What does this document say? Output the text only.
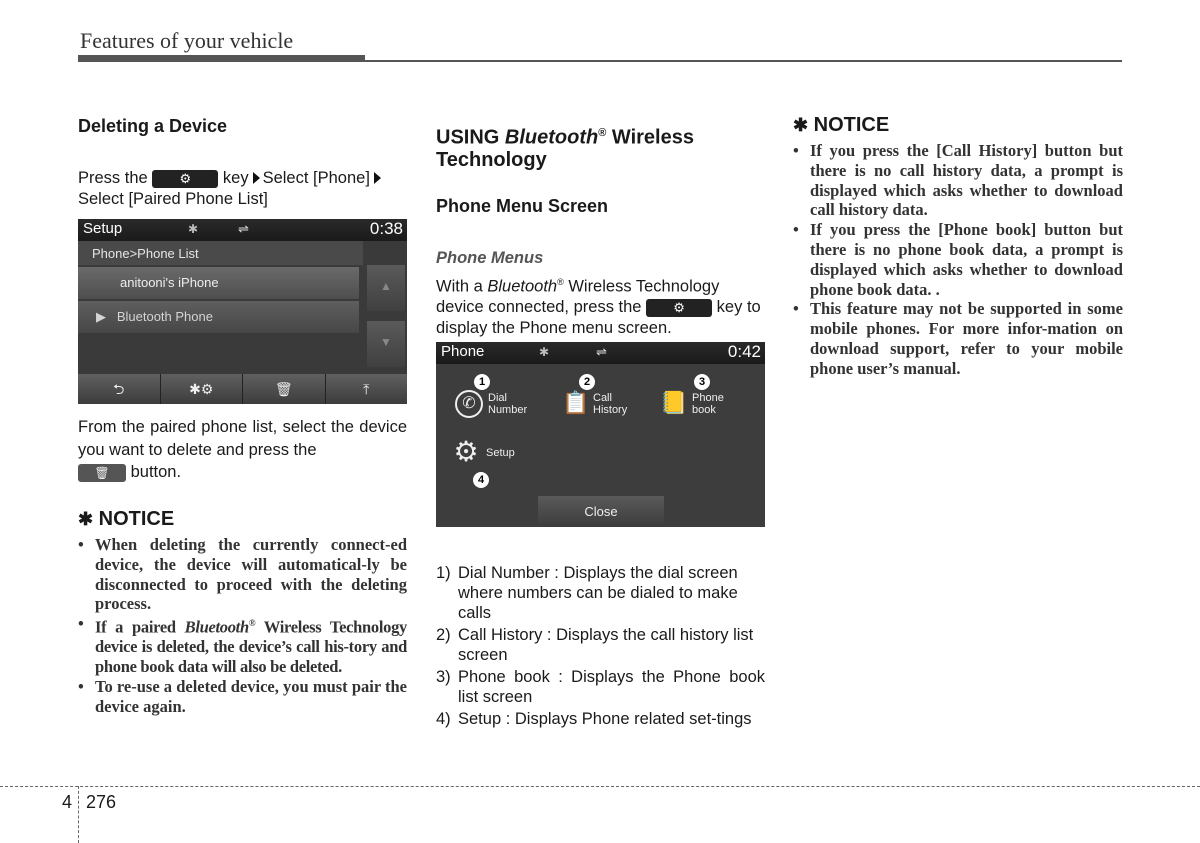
Features of your vehicle
Deleting a Device
Press the ⚙ key Select [Phone]
Select [Paired Phone List]
Setup	✱	⇌	0:38
Phone>Phone List
anitooni's iPhone
▶ Bluetooth Phone
▲
▼
⮌	✱⚙	🗑	⤒
From the paired phone list, select the device you want to delete and press the
🗑 button.
✱ NOTICE
• When deleting the currently connect-ed device, the device will automatical-ly be disconnected to proceed with the deleting process.
• If a paired Bluetooth® Wireless Technology device is deleted, the device’s call his-tory and phone book data will also be deleted.
• To re-use a deleted device, you must pair the device again.
USING Bluetooth® Wireless Technology
Phone Menu Screen
Phone Menus
With a Bluetooth® Wireless Technology device connected, press the ⚙ key to display the Phone menu screen.
Phone	✱	⇌	0:42
1
✆	Dial
Number
2
📋 Call
History
3
📒 Phone
book
⚙ Setup
4
Close
1) Dial Number : Displays the dial screen where numbers can be dialed to make calls
2) Call History : Displays the call history list screen
3) Phone book : Displays the Phone book list screen
4) Setup : Displays Phone related set-tings
✱ NOTICE
• If you press the [Call History] button but there is no call history data, a prompt is displayed which asks whether to download call history data.
• If you press the [Phone book] button but there is no phone book data, a prompt is displayed which asks whether to download phone book data. .
• This feature may not be supported in some mobile phones. For more infor-mation on download support, refer to your mobile phone user’s manual.
4 276
